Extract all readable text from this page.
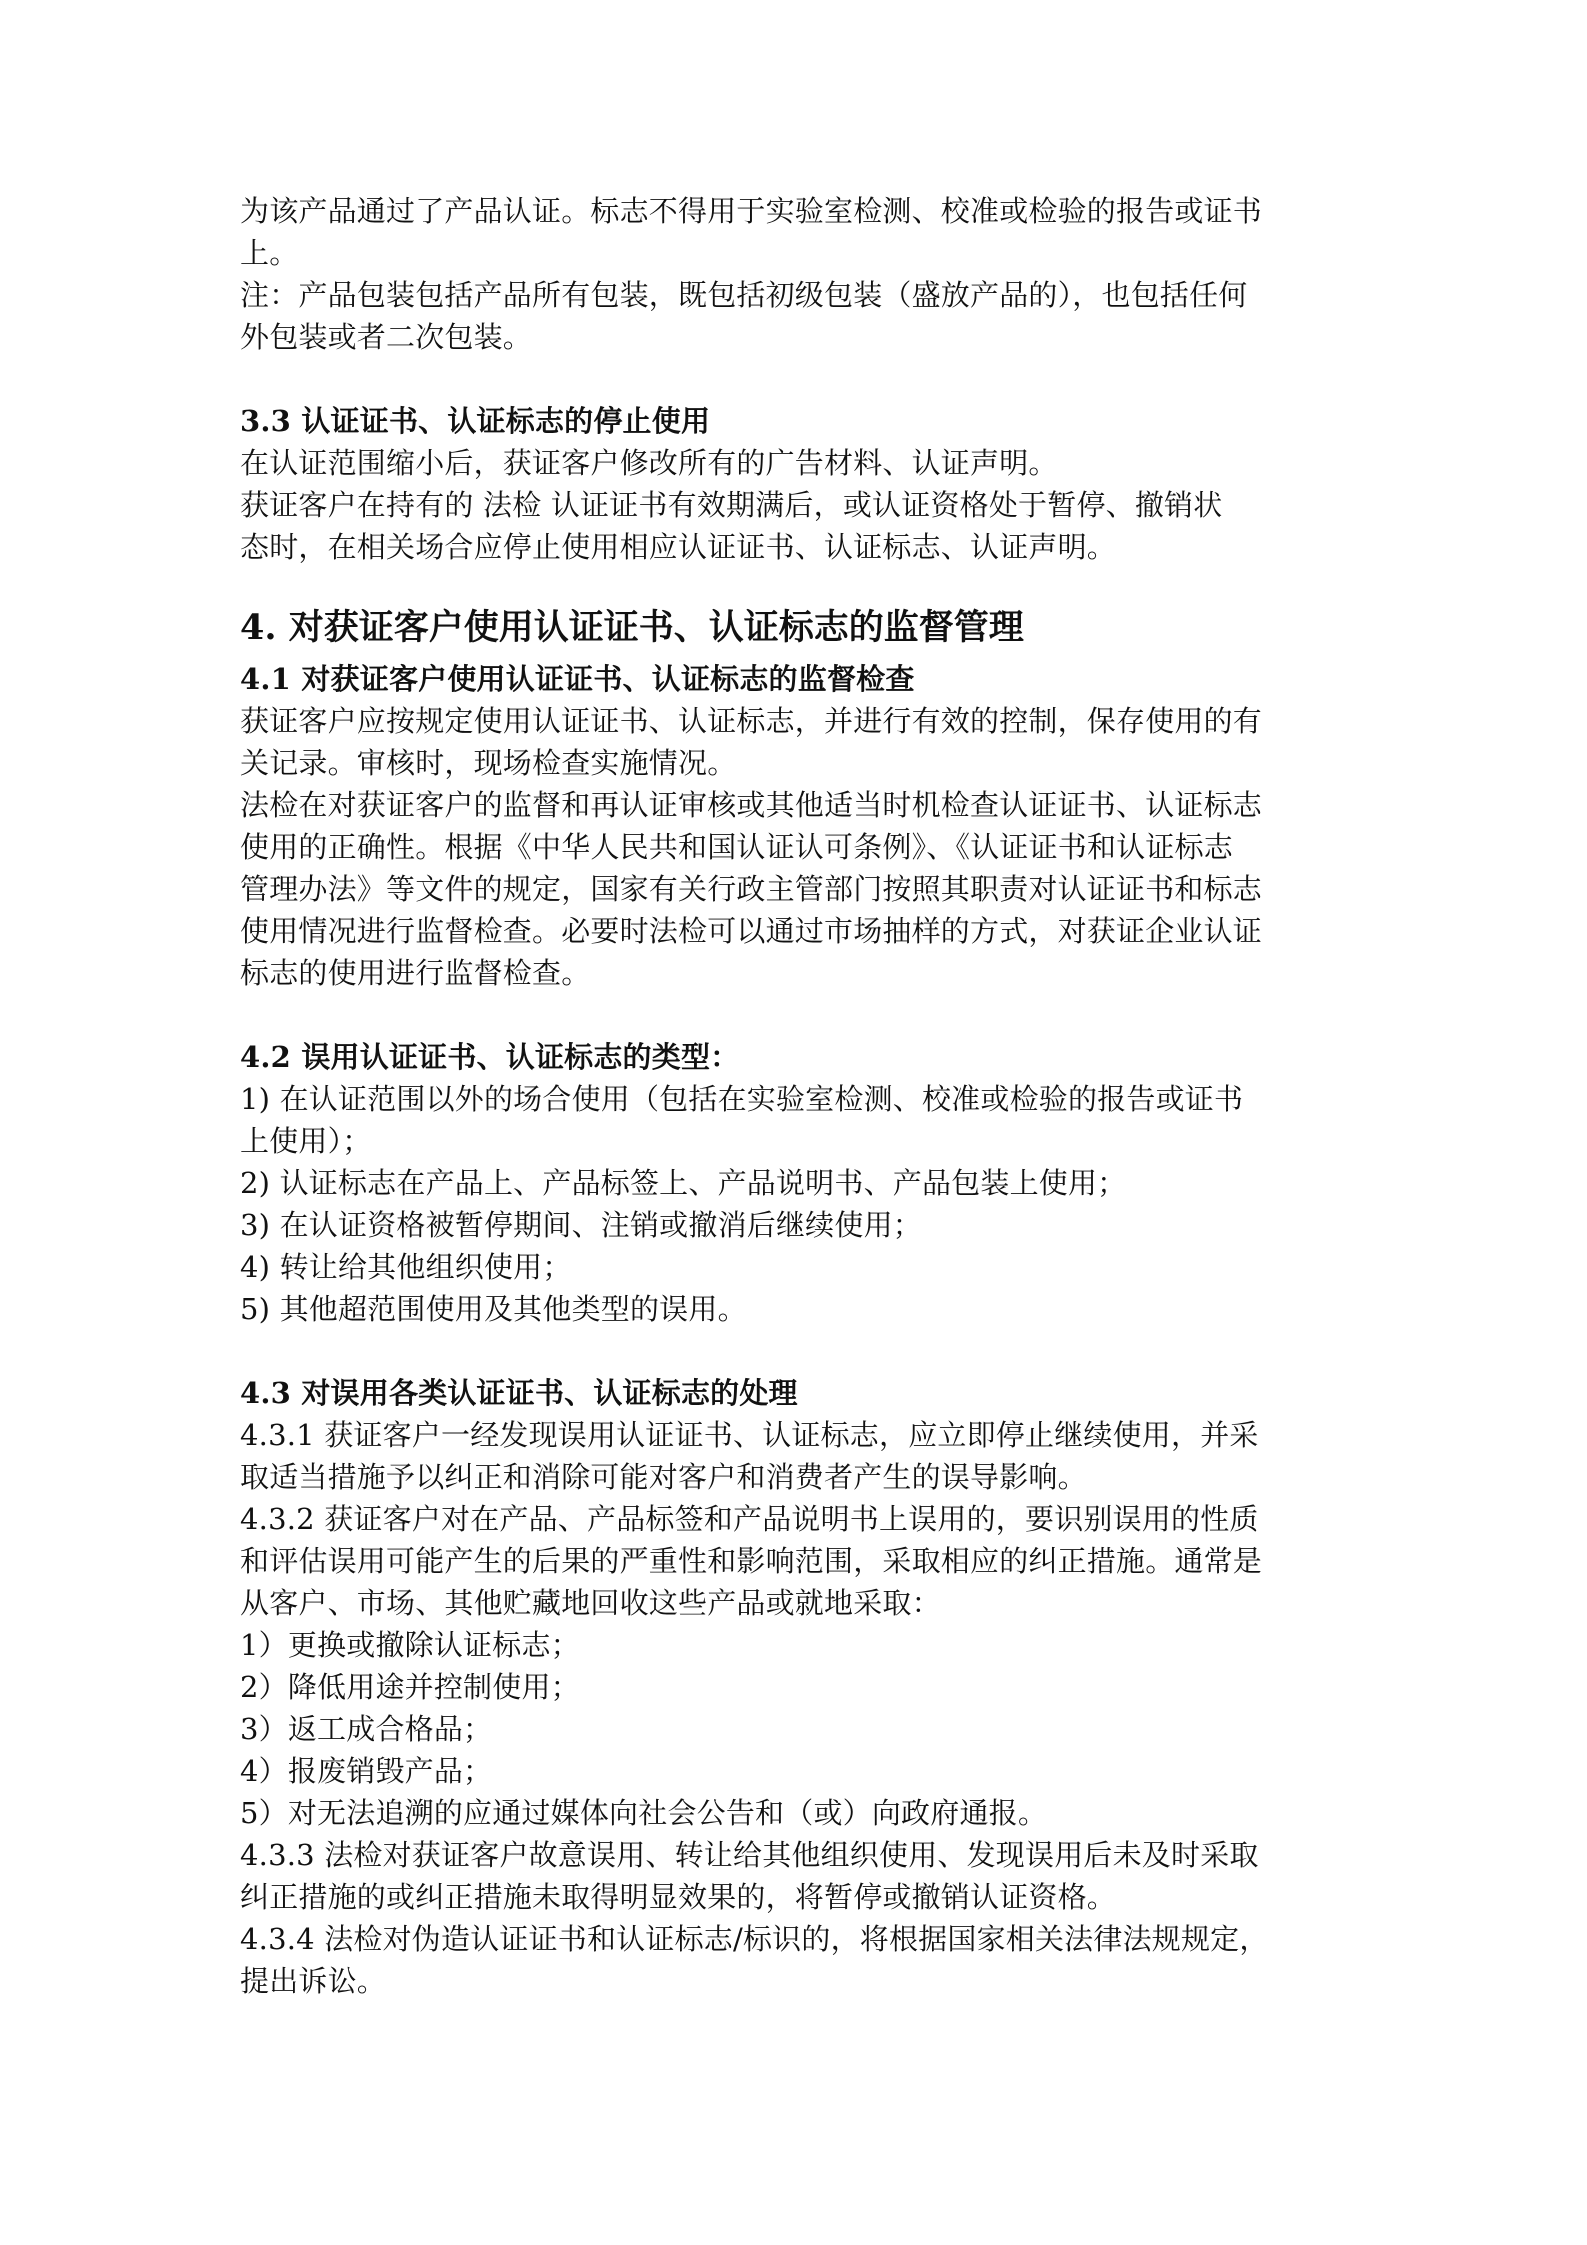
为该产品通过了产品认证。标志不得用于实验室检测、校准或检验的报告或证书
上。
注：产品包装包括产品所有包装，既包括初级包装（盛放产品的），也包括任何
外包装或者二次包装。
3.3 认证证书、认证标志的停止使用
在认证范围缩小后，获证客户修改所有的广告材料、认证声明。
获证客户在持有的 法检 认证证书有效期满后，或认证资格处于暂停、撤销状
态时，在相关场合应停止使用相应认证证书、认证标志、认证声明。
4. 对获证客户使用认证证书、认证标志的监督管理
4.1 对获证客户使用认证证书、认证标志的监督检查
获证客户应按规定使用认证证书、认证标志，并进行有效的控制，保存使用的有
关记录。审核时，现场检查实施情况。
法检在对获证客户的监督和再认证审核或其他适当时机检查认证证书、认证标志
使用的正确性。根据《中华人民共和国认证认可条例》、《认证证书和认证标志
管理办法》等文件的规定，国家有关行政主管部门按照其职责对认证证书和标志
使用情况进行监督检查。必要时法检可以通过市场抽样的方式，对获证企业认证
标志的使用进行监督检查。
4.2 误用认证证书、认证标志的类型：
1) 在认证范围以外的场合使用（包括在实验室检测、校准或检验的报告或证书
上使用）；
2) 认证标志在产品上、产品标签上、产品说明书、产品包装上使用；
3) 在认证资格被暂停期间、注销或撤消后继续使用；
4) 转让给其他组织使用；
5) 其他超范围使用及其他类型的误用。
4.3 对误用各类认证证书、认证标志的处理
4.3.1 获证客户一经发现误用认证证书、认证标志，应立即停止继续使用，并采
取适当措施予以纠正和消除可能对客户和消费者产生的误导影响。
4.3.2 获证客户对在产品、产品标签和产品说明书上误用的，要识别误用的性质
和评估误用可能产生的后果的严重性和影响范围，采取相应的纠正措施。通常是
从客户、市场、其他贮藏地回收这些产品或就地采取：
1）更换或撤除认证标志；
2）降低用途并控制使用；
3）返工成合格品；
4）报废销毁产品；
5）对无法追溯的应通过媒体向社会公告和（或）向政府通报。
4.3.3 法检对获证客户故意误用、转让给其他组织使用、发现误用后未及时采取
纠正措施的或纠正措施未取得明显效果的，将暂停或撤销认证资格。
4.3.4 法检对伪造认证证书和认证标志/标识的，将根据国家相关法律法规规定，
提出诉讼。
